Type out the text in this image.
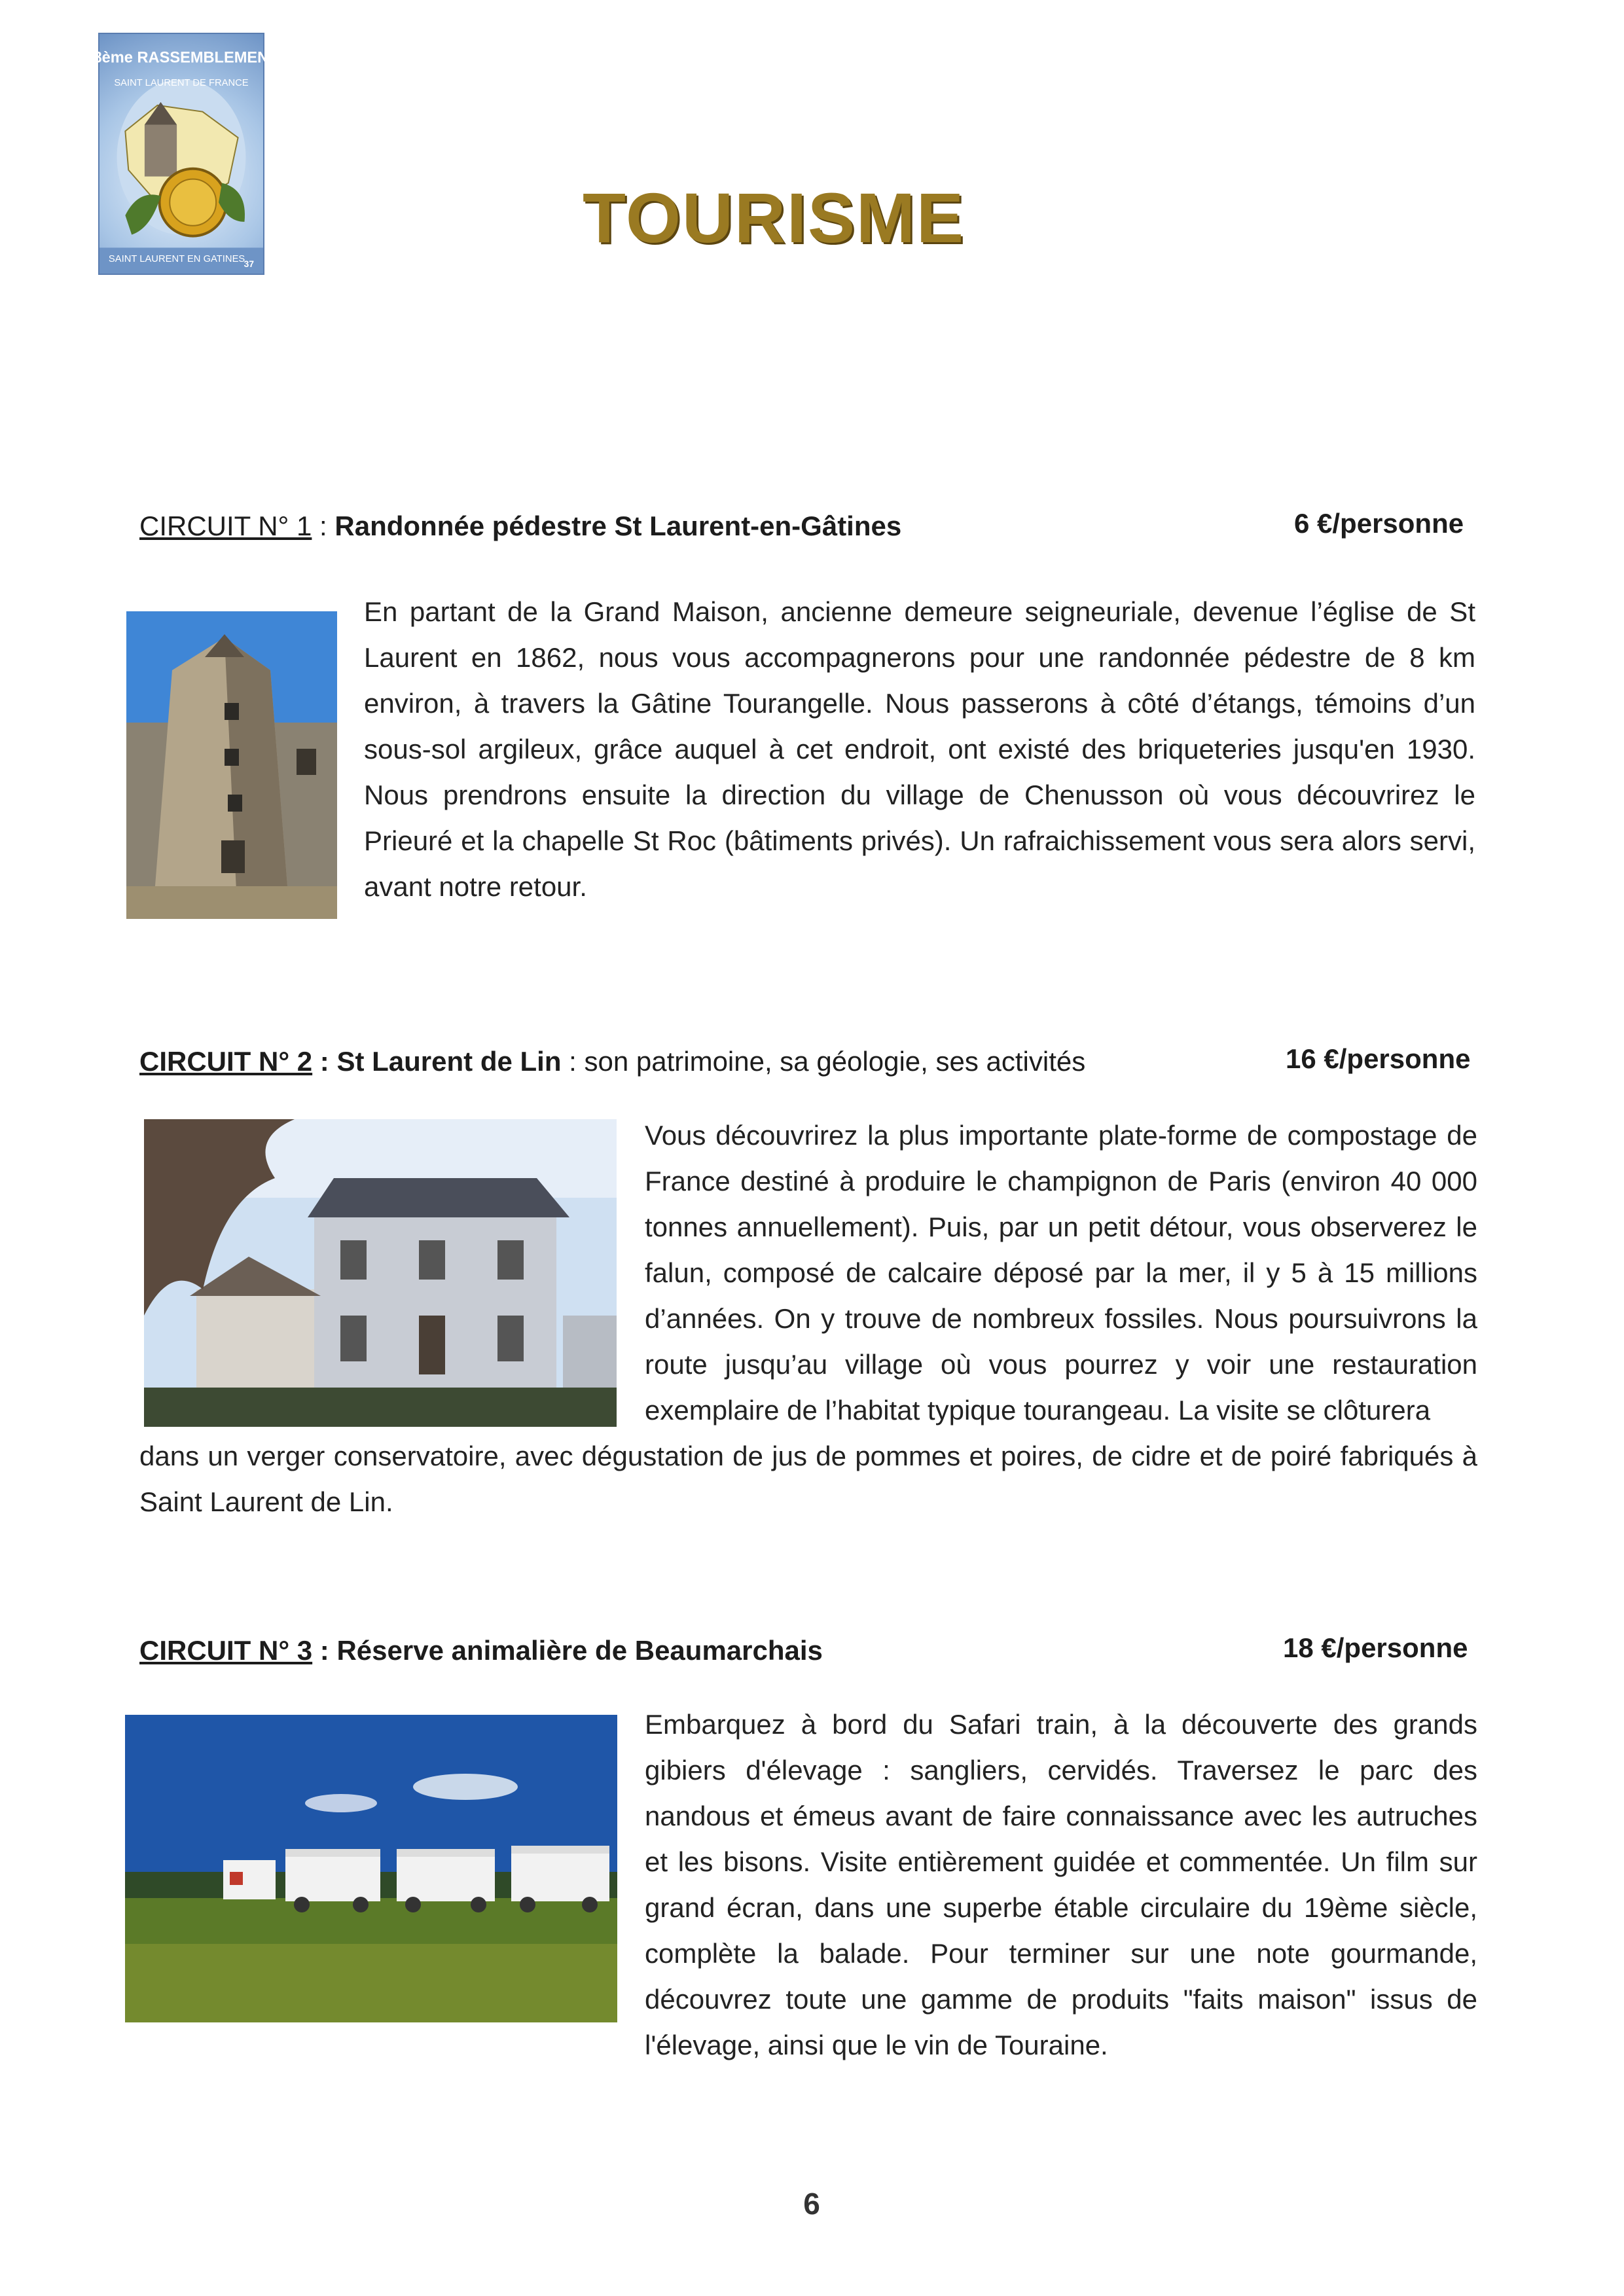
28ème RASSEMBLEMENT
SAINT LAURENT DE FRANCE
SAINT LAURENT EN GATINES
37
TOURISME
CIRCUIT N° 1 : Randonnée pédestre St Laurent-en-Gâtines	6 €/personne
En partant de la Grand Maison, ancienne demeure seigneuriale, devenue l’église de St Laurent en 1862, nous vous accompagnerons pour une randonnée pédestre de 8 km environ, à travers la Gâtine Tourangelle. Nous passerons à côté d’étangs, témoins d’un sous-sol argileux, grâce auquel à cet endroit, ont existé des briqueteries jusqu'en 1930. Nous prendrons ensuite la direction du village de Chenusson où vous découvrirez le Prieuré et la chapelle St Roc (bâtiments privés). Un rafraichissement vous sera alors servi, avant notre retour.
CIRCUIT N° 2 : St Laurent de Lin : son patrimoine, sa géologie, ses activités	16 €/personne
Vous découvrirez la plus importante plate-forme de compostage de France destiné à produire le champignon de Paris (environ 40 000 tonnes annuellement). Puis, par un petit détour, vous observerez le falun, composé de calcaire déposé par la mer, il y 5 à 15 millions d’années. On y trouve de nombreux fossiles. Nous poursuivrons la route jusqu’au village où vous pourrez y voir une restauration exemplaire de l’habitat typique tourangeau. La visite se clôturera
dans un verger conservatoire, avec dégustation de jus de pommes et poires, de cidre et de poiré fabriqués à Saint Laurent de Lin.
CIRCUIT N° 3 : Réserve animalière de Beaumarchais	18 €/personne
Embarquez à bord du Safari train, à la découverte des grands gibiers d'élevage : sangliers, cervidés. Traversez le parc des nandous et émeus avant de faire connaissance avec les autruches et les bisons. Visite entièrement guidée et commentée. Un film sur grand écran, dans une superbe étable circulaire du 19ème siècle, complète la balade. Pour terminer sur une note gourmande, découvrez toute une gamme de produits "faits maison" issus de l'élevage, ainsi que le vin de Touraine.
6
